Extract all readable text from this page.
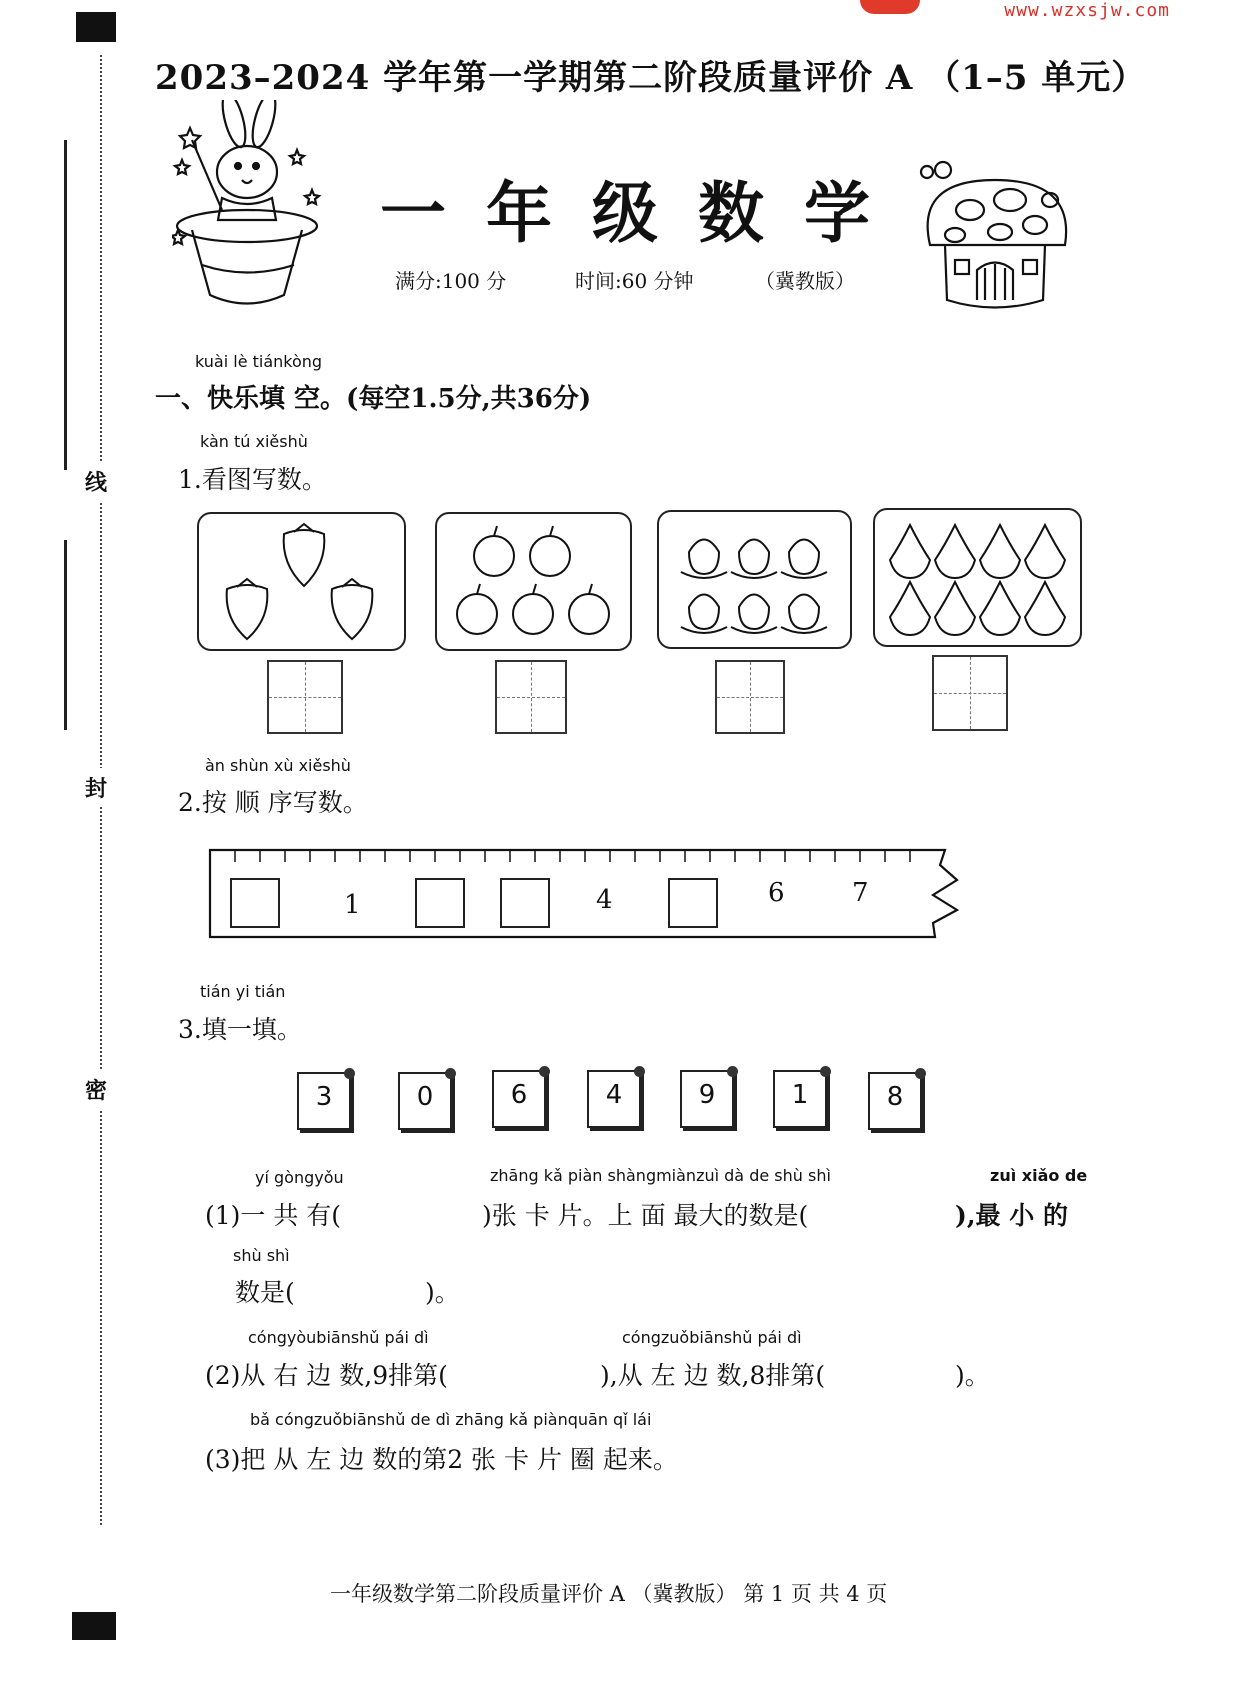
线
封
密
www.wzxsjw.com
2023–2024 学年第一学期第二阶段质量评价 A （1–5 单元）
一年级数学
满分:100 分	时间:60 分钟	（冀教版）
kuài lè tiánkòng
一、快乐填 空。(每空1.5分,共36分)
kàn tú xiěshù
1.看图写数。
àn shùn xù xiěshù
2.按 顺 序写数。
1	4	6	7
tián yi tián
3.填一填。
3	0	6	4	9	1	8
yí gòngyǒu	zhāng kǎ piàn shàngmiànzuì dà de shù shì	zuì xiǎo de
(1)一 共 有(	)张 卡 片。上 面 最大的数是(	),最 小 的
shù shì
数是(	)。
cóngyòubiānshǔ pái dì	cóngzuǒbiānshǔ pái dì
(2)从 右 边 数,9排第(	),从 左 边 数,8排第(	)。
bǎ cóngzuǒbiānshǔ de dì zhāng kǎ piànquān qǐ lái
(3)把 从 左 边 数的第2 张 卡 片 圈 起来。
一年级数学第二阶段质量评价 A （冀教版） 第 1 页 共 4 页
